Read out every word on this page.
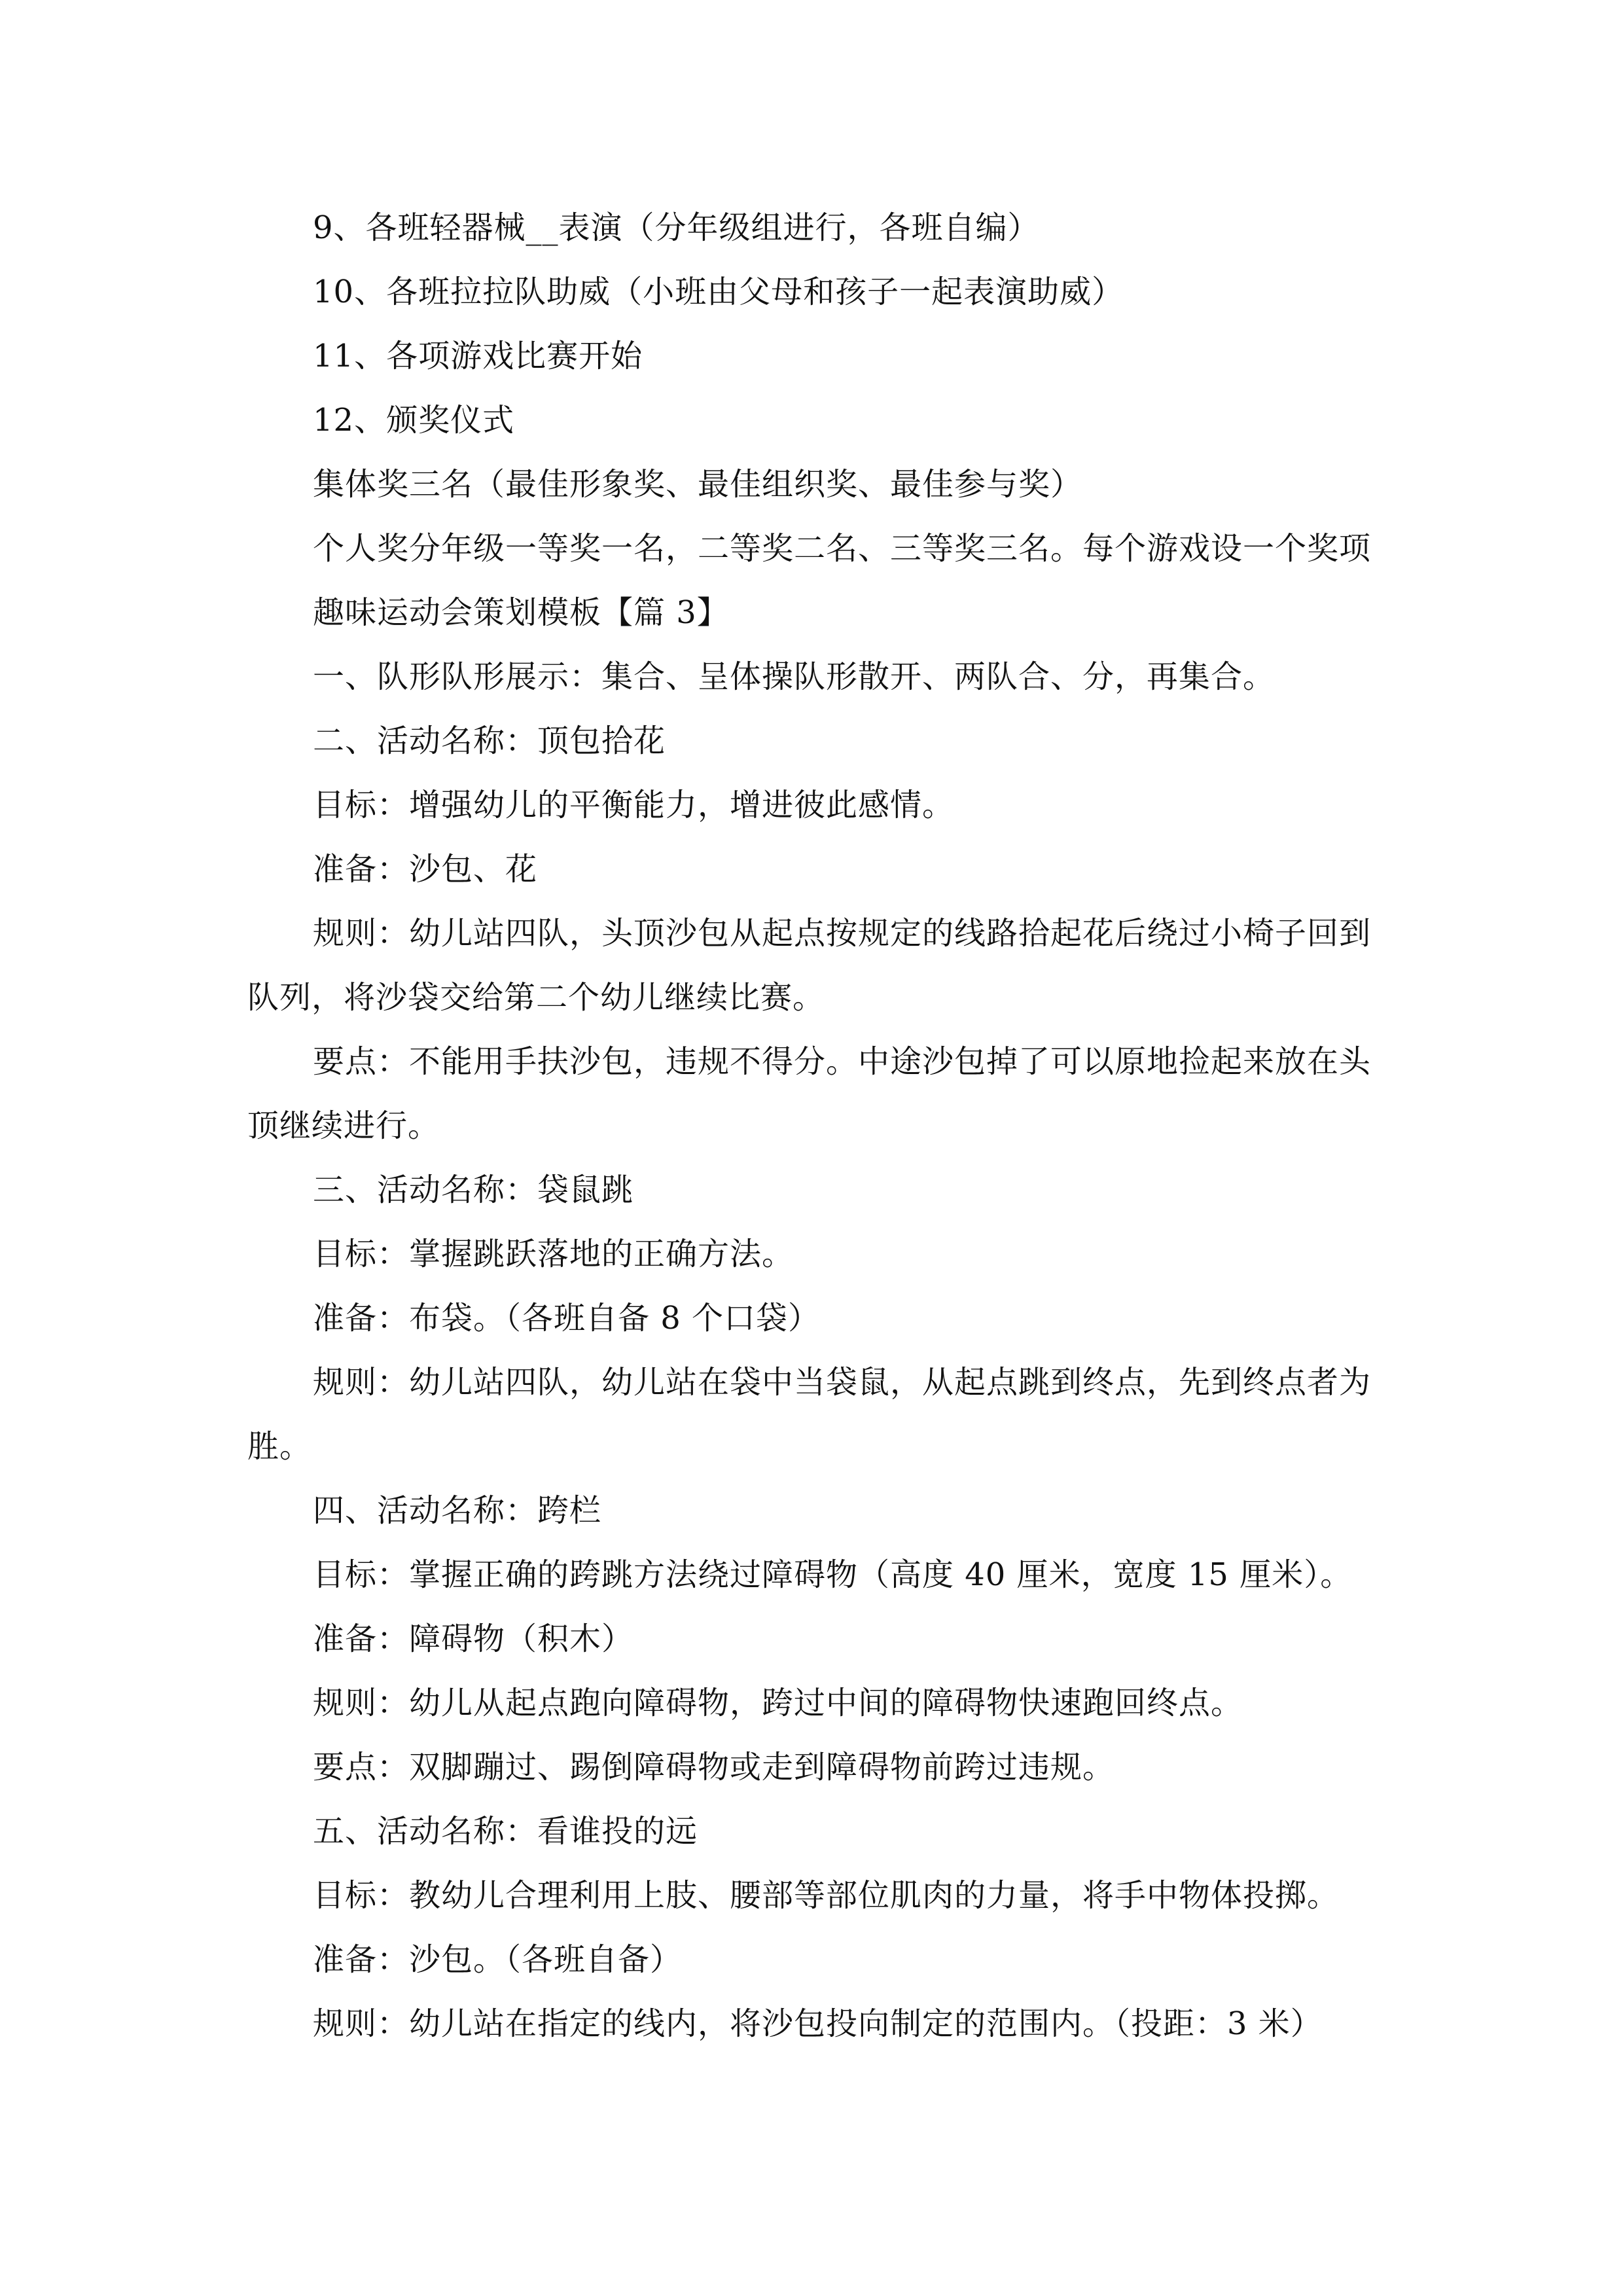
9、各班轻器械__表演（分年级组进行，各班自编）

10、各班拉拉队助威（小班由父母和孩子一起表演助威）

11、各项游戏比赛开始

12、颁奖仪式

集体奖三名（最佳形象奖、最佳组织奖、最佳参与奖）

个人奖分年级一等奖一名，二等奖二名、三等奖三名。每个游戏设一个奖项

趣味运动会策划模板【篇 3】

一、队形队形展示：集合、呈体操队形散开、两队合、分，再集合。

二、活动名称：顶包拾花

目标：增强幼儿的平衡能力，增进彼此感情。

准备：沙包、花

规则：幼儿站四队，头顶沙包从起点按规定的线路拾起花后绕过小椅子回到

队列，将沙袋交给第二个幼儿继续比赛。

要点：不能用手扶沙包，违规不得分。中途沙包掉了可以原地捡起来放在头

顶继续进行。

三、活动名称：袋鼠跳

目标：掌握跳跃落地的正确方法。

准备：布袋。（各班自备 8 个口袋）

规则：幼儿站四队，幼儿站在袋中当袋鼠，从起点跳到终点，先到终点者为

胜。

四、活动名称：跨栏

目标：掌握正确的跨跳方法绕过障碍物（高度 40 厘米，宽度 15 厘米）。

准备：障碍物（积木）

规则：幼儿从起点跑向障碍物，跨过中间的障碍物快速跑回终点。

要点：双脚蹦过、踢倒障碍物或走到障碍物前跨过违规。

五、活动名称：看谁投的远

目标：教幼儿合理利用上肢、腰部等部位肌肉的力量，将手中物体投掷。

准备：沙包。（各班自备）

规则：幼儿站在指定的线内，将沙包投向制定的范围内。（投距：3 米）
